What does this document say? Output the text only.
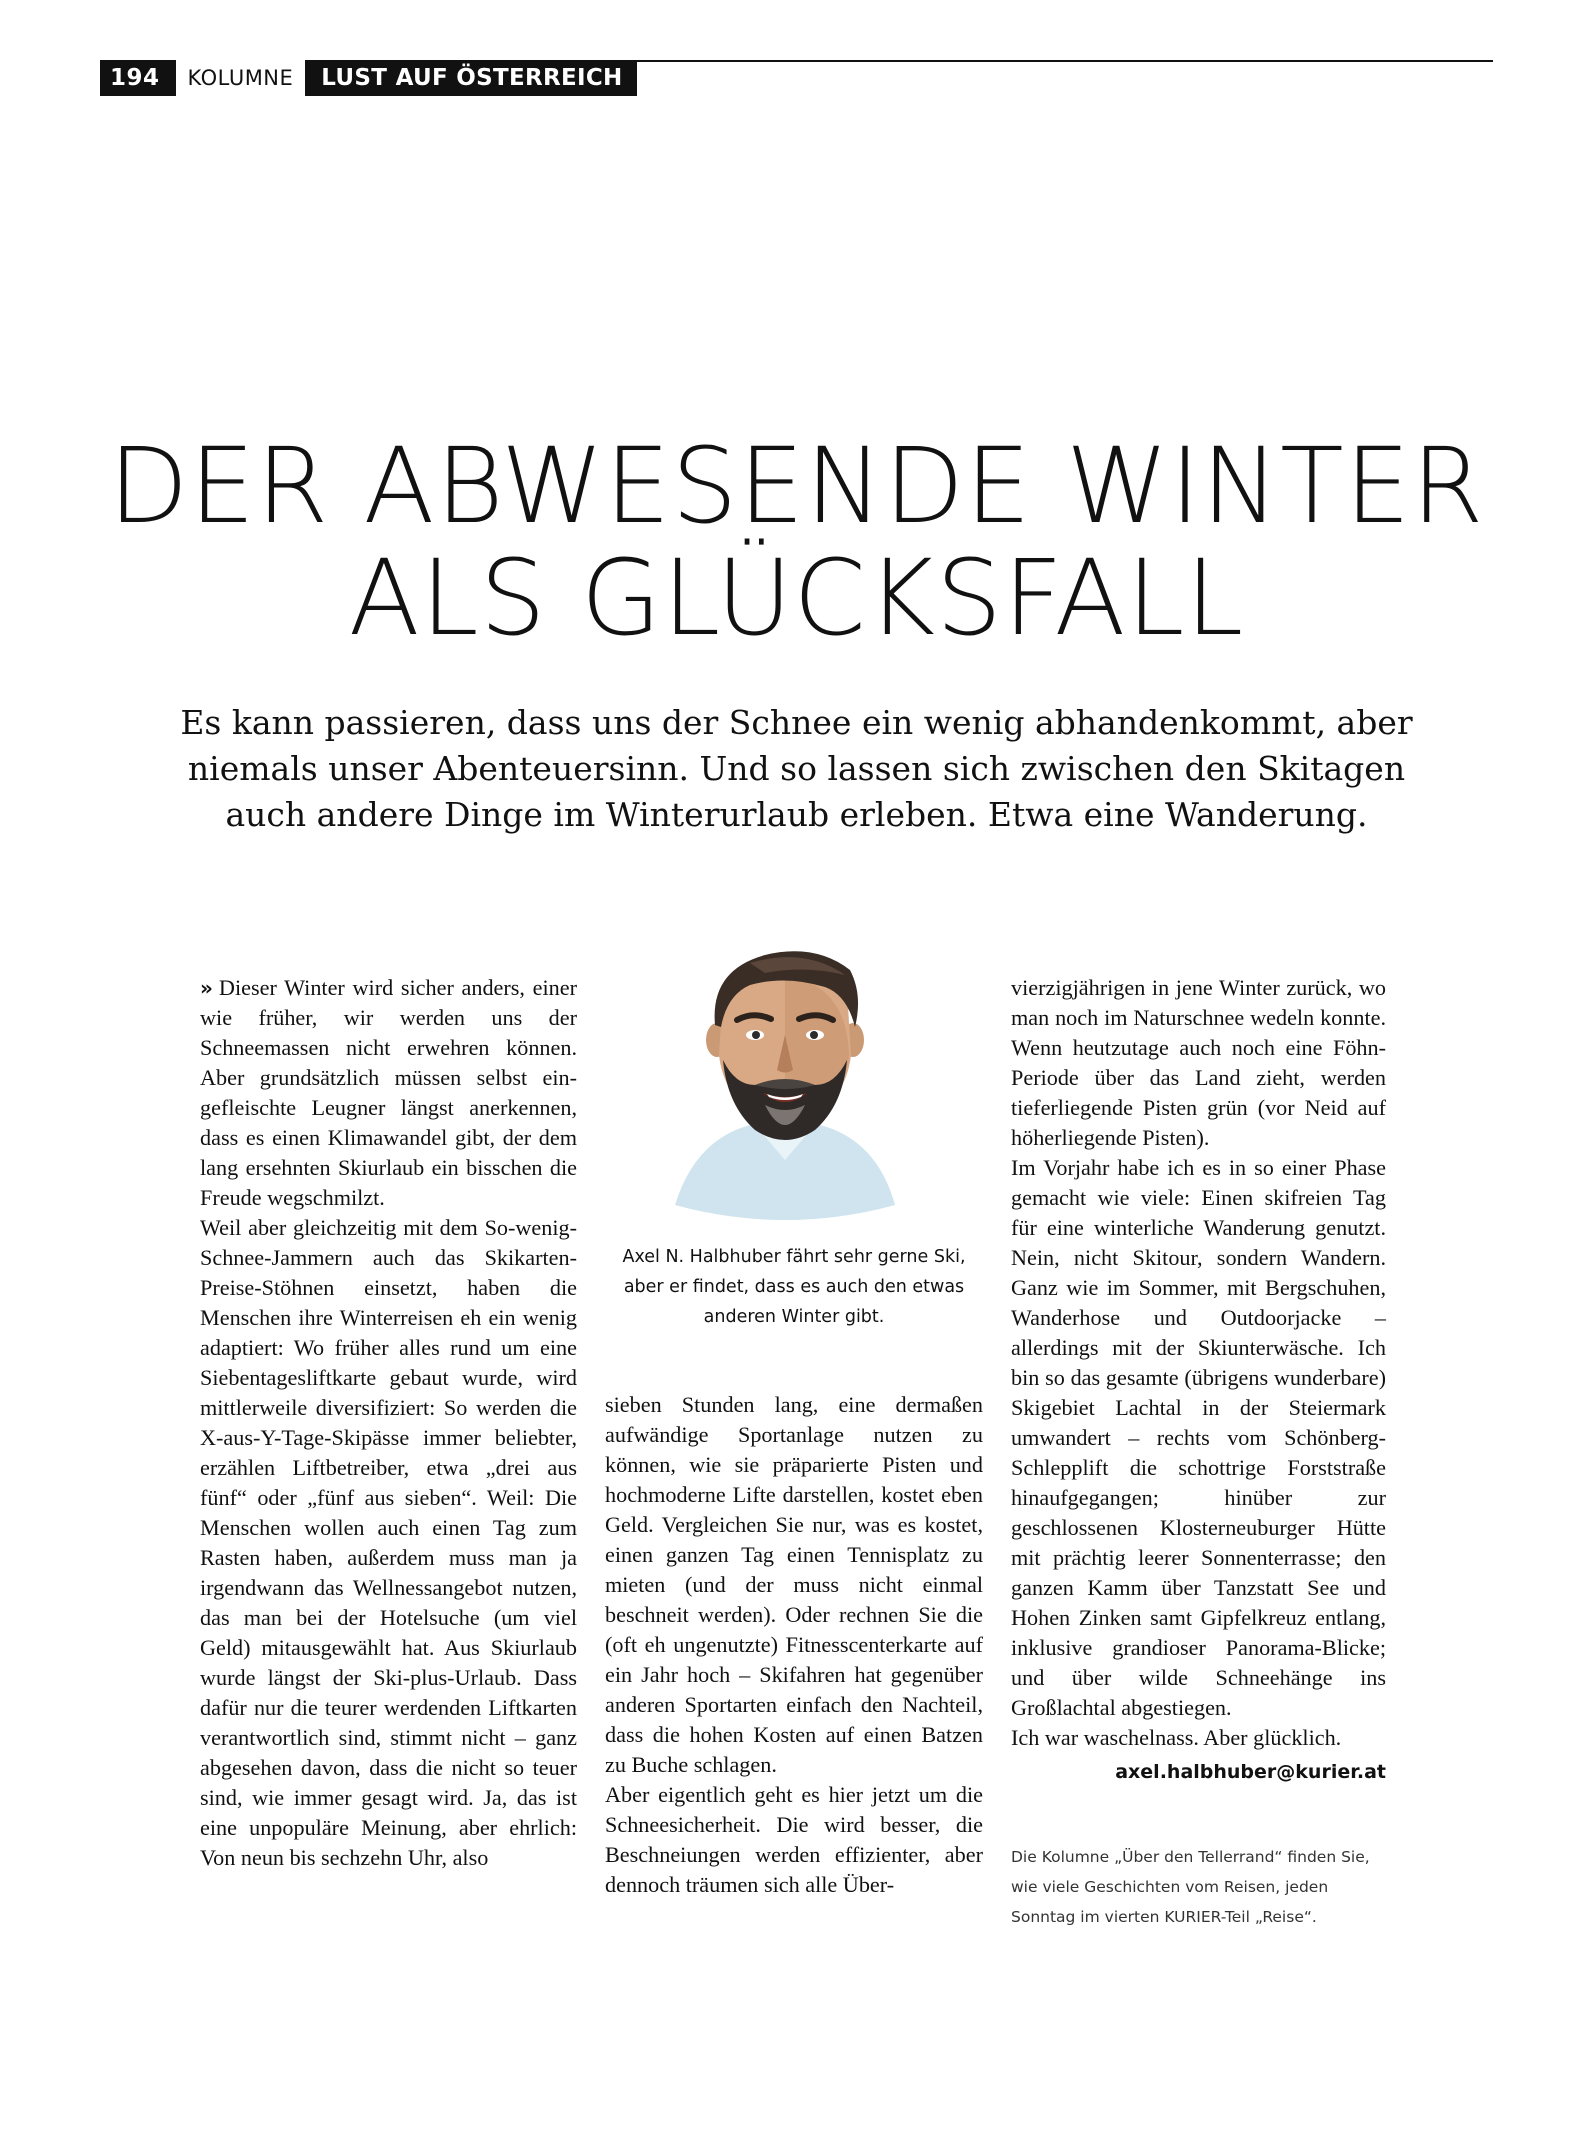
194	KOLUMNE	LUST AUF ÖSTERREICH
DER ABWESENDE WINTER
ALS GLÜCKSFALL
Es kann passieren, dass uns der Schnee ein wenig abhandenkommt, aber niemals unser Abenteuersinn. Und so lassen sich zwischen den Skitagen auch andere Dinge im Winterurlaub erleben. Etwa eine Wanderung.

» Dieser Winter wird sicher anders, einer wie früher, wir werden uns der Schneemassen nicht erwehren können. Aber grundsätzlich müssen selbst eingefleischte Leugner längst anerkennen, dass es einen Klimawandel gibt, der dem lang ersehnten Skiurlaub ein bisschen die Freude wegschmilzt.

Weil aber gleichzeitig mit dem So-wenig-Schnee-Jammern auch das Skikarten-Preise-Stöhnen einsetzt, haben die Menschen ihre Winterreisen eh ein wenig adaptiert: Wo früher alles rund um eine Siebentagesliftkarte gebaut wurde, wird mittlerweile diversifiziert: So werden die X-aus-Y-Tage-Skipässe immer beliebter, erzählen Liftbetreiber, etwa „drei aus fünf“ oder „fünf aus sieben“. Weil: Die Menschen wollen auch einen Tag zum Rasten haben, außerdem muss man ja irgendwann das Wellnessangebot nutzen, das man bei der Hotelsuche (um viel Geld) mitausgewählt hat. Aus Skiurlaub wurde längst der Ski-plus-Urlaub. Dass dafür nur die teurer werdenden Liftkarten verantwortlich sind, stimmt nicht – ganz abgesehen davon, dass die nicht so teuer sind, wie immer gesagt wird. Ja, das ist eine unpopuläre Meinung, aber ehrlich: Von neun bis sechzehn Uhr, also

Axel N. Halbhuber fährt sehr gerne Ski, aber er findet, dass es auch den etwas anderen Winter gibt.

sieben Stunden lang, eine dermaßen aufwändige Sportanlage nutzen zu können, wie sie präparierte Pisten und hochmoderne Lifte darstellen, kostet eben Geld. Vergleichen Sie nur, was es kostet, einen ganzen Tag einen Tennisplatz zu mieten (und der muss nicht einmal beschneit werden). Oder rechnen Sie die (oft eh ungenutzte) Fitnesscenterkarte auf ein Jahr hoch – Skifahren hat gegenüber anderen Sportarten einfach den Nachteil, dass die hohen Kosten auf einen Batzen zu Buche schlagen.

Aber eigentlich geht es hier jetzt um die Schneesicherheit. Die wird besser, die Beschneiungen werden effizienter, aber dennoch träumen sich alle Über-

vierzigjährigen in jene Winter zurück, wo man noch im Naturschnee wedeln konnte. Wenn heutzutage auch noch eine Föhn-Periode über das Land zieht, werden tieferliegende Pisten grün (vor Neid auf höherliegende Pisten).

Im Vorjahr habe ich es in so einer Phase gemacht wie viele: Einen skifreien Tag für eine winterliche Wanderung genutzt. Nein, nicht Skitour, sondern Wandern. Ganz wie im Sommer, mit Bergschuhen, Wanderhose und Outdoorjacke – allerdings mit der Skiunterwäsche. Ich bin so das gesamte (übrigens wunderbare) Skigebiet Lachtal in der Steiermark umwandert – rechts vom Schönberg-Schlepplift die schottrige Forststraße hinaufgegangen; hinüber zur geschlossenen Klosterneuburger Hütte mit prächtig leerer Sonnenterrasse; den ganzen Kamm über Tanzstatt See und Hohen Zinken samt Gipfelkreuz entlang, inklusive grandioser Panorama-Blicke; und über wilde Schneehänge ins Großlachtal abgestiegen.

Ich war waschelnass. Aber glücklich.

axel.halbhuber@kurier.at
Die Kolumne „Über den Tellerrand“ finden Sie, wie viele Geschichten vom Reisen, jeden Sonntag im vierten KURIER-Teil „Reise“.
